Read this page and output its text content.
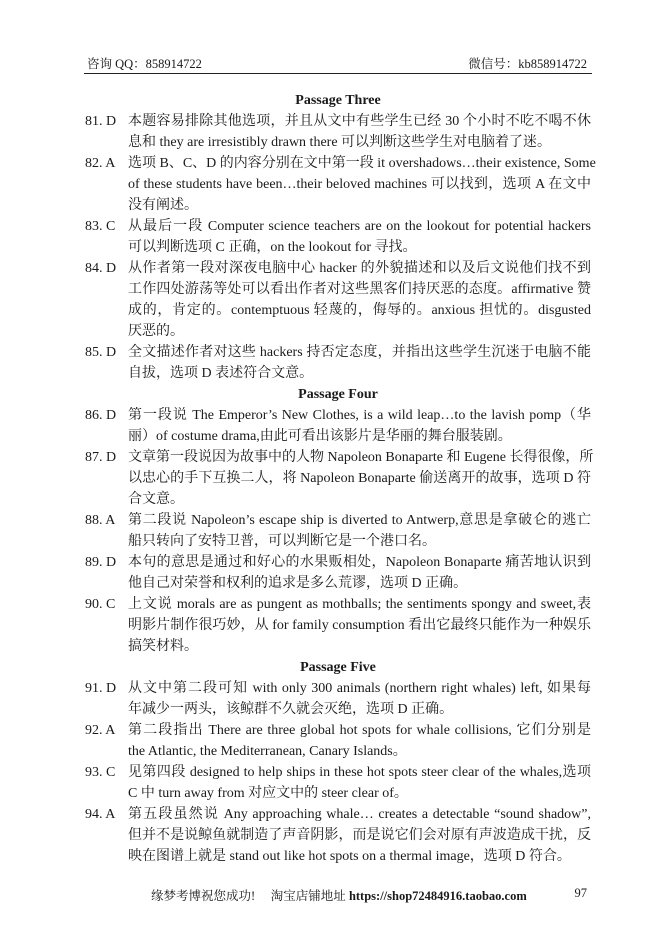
咨询 QQ：858914722	微信号：kb858914722
Passage Three
81. D 本题容易排除其他选项，并且从文中有些学生已经 30 个小时不吃不喝不休
息和 they are irresistibly drawn there 可以判断这些学生对电脑着了迷。
82. A 选项 B、C、D 的内容分别在文中第一段 it overshadows…their existence, Some
of these students have been…their beloved machines 可以找到，选项 A 在文中
没有阐述。
83. C 从最后一段 Computer science teachers are on the lookout for potential hackers
可以判断选项 C 正确，on the lookout for 寻找。
84. D 从作者第一段对深夜电脑中心 hacker 的外貌描述和以及后文说他们找不到
工作四处游荡等处可以看出作者对这些黑客们持厌恶的态度。affirmative 赞
成的，肯定的。contemptuous 轻蔑的，侮辱的。anxious 担忧的。disgusted
厌恶的。
85. D 全文描述作者对这些 hackers 持否定态度，并指出这些学生沉迷于电脑不能
自拔，选项 D 表述符合文意。
Passage Four
86. D 第一段说 The Emperor’s New Clothes, is a wild leap…to the lavish pomp（华
丽）of costume drama,由此可看出该影片是华丽的舞台服装剧。
87. D 文章第一段说因为故事中的人物 Napoleon Bonaparte 和 Eugene 长得很像，所
以忠心的手下互换二人，将 Napoleon Bonaparte 偷送离开的故事，选项 D 符
合文意。
88. A 第二段说 Napoleon’s escape ship is diverted to Antwerp,意思是拿破仑的逃亡
船只转向了安特卫普，可以判断它是一个港口名。
89. D 本句的意思是通过和好心的水果贩相处，Napoleon Bonaparte 痛苦地认识到
他自己对荣誉和权利的追求是多么荒谬，选项 D 正确。
90. C 上文说 morals are as pungent as mothballs; the sentiments spongy and sweet,表
明影片制作很巧妙，从 for family consumption 看出它最终只能作为一种娱乐
搞笑材料。
Passage Five
91. D 从文中第二段可知 with only 300 animals (northern right whales) left, 如果每
年减少一两头，该鲸群不久就会灭绝，选项 D 正确。
92. A 第二段指出 There are three global hot spots for whale collisions, 它们分别是
the Atlantic, the Mediterranean, Canary Islands。
93. C 见第四段 designed to help ships in these hot spots steer clear of the whales,选项
C 中 turn away from 对应文中的 steer clear of。
94. A 第五段虽然说 Any approaching whale… creates a detectable “sound shadow”,
但并不是说鲸鱼就制造了声音阴影，而是说它们会对原有声波造成干扰，反
映在图谱上就是 stand out like hot spots on a thermal image，选项 D 符合。
缘梦考博祝您成功! 淘宝店铺地址 https://shop72484916.taobao.com	97
